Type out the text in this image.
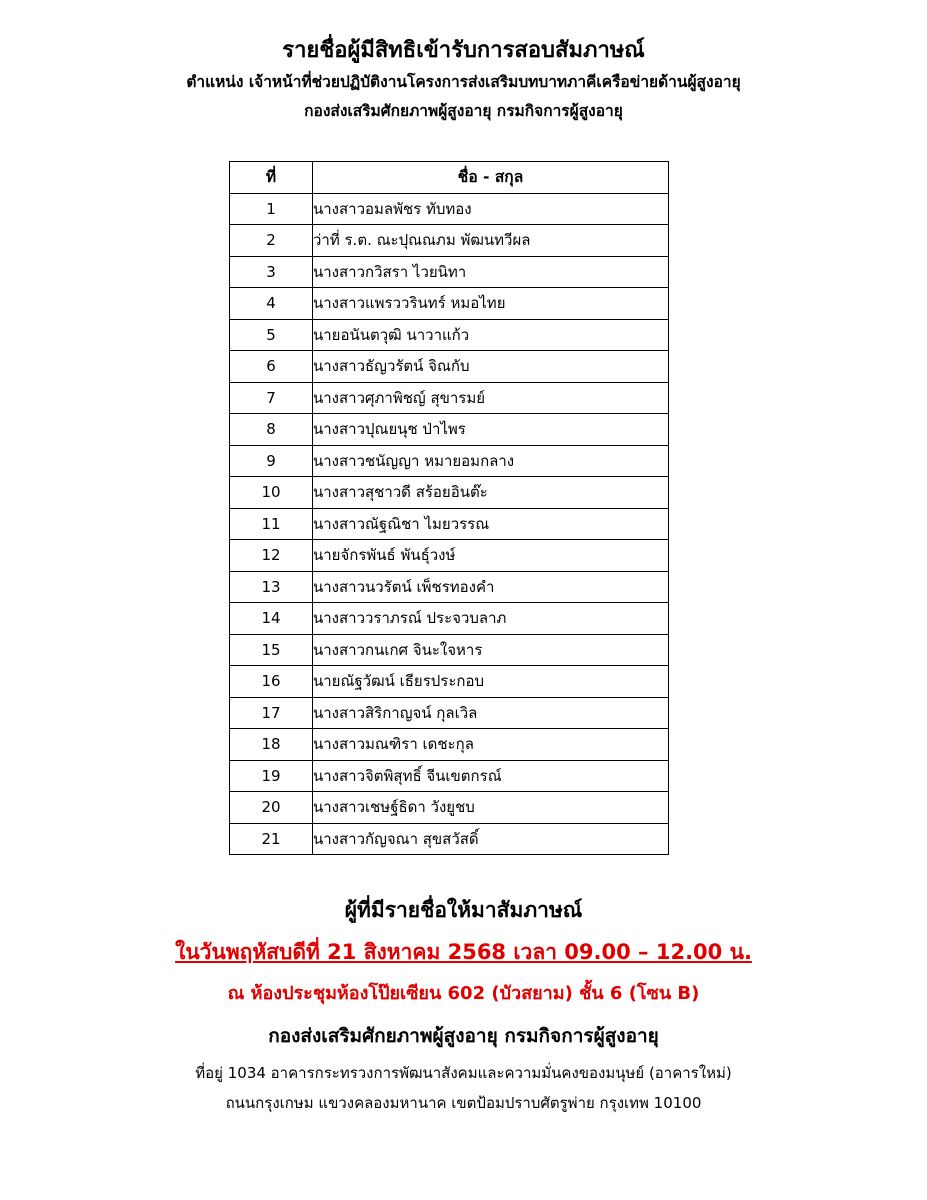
รายชื่อผู้มีสิทธิเข้ารับการสอบสัมภาษณ์

ตำแหน่ง เจ้าหน้าที่ช่วยปฏิบัติงานโครงการส่งเสริมบทบาทภาคีเครือข่ายด้านผู้สูงอายุ

กองส่งเสริมศักยภาพผู้สูงอายุ กรมกิจการผู้สูงอายุ

ที่	ชื่อ - สกุล
1	นางสาวอมลพัชร ทับทอง
2	ว่าที่ ร.ต. ณะปุณณภม พัฒนทวีผล
3	นางสาวกวิสรา ไวยนิทา
4	นางสาวแพรววรินทร์ หมอไทย
5	นายอนันตวุฒิ นาวาแก้ว
6	นางสาวธัญวรัตน์ จิณกับ
7	นางสาวศุภาพิชญ์ สุขารมย์
8	นางสาวปุณยนุช ป่าไพร
9	นางสาวชนัญญา หมายอมกลาง
10	นางสาวสุชาวดี สร้อยอินต๊ะ
11	นางสาวณัฐณิชา ไมยวรรณ
12	นายจักรพันธ์ พันธุ์วงษ์
13	นางสาวนวรัตน์ เพ็ชรทองคำ
14	นางสาววราภรณ์ ประจวบลาภ
15	นางสาวกนเกศ จินะใจหาร
16	นายณัฐวัฒน์ เธียรประกอบ
17	นางสาวสิริกาญจน์ กุลเวิล
18	นางสาวมณฑิรา เดชะกุล
19	นางสาวจิตพิสุทธิ์ จีนเขตกรณ์
20	นางสาวเชษฐ์ธิดา วังยูชบ
21	นางสาวกัญจณา สุขสวัสดิ์

ผู้ที่มีรายชื่อให้มาสัมภาษณ์

ในวันพฤหัสบดีที่ 21 สิงหาคม 2568 เวลา 09.00 – 12.00 น.

ณ ห้องประชุมห้องโป๊ยเซียน 602 (บัวสยาม) ชั้น 6 (โซน B)

กองส่งเสริมศักยภาพผู้สูงอายุ กรมกิจการผู้สูงอายุ

ที่อยู่ 1034 อาคารกระทรวงการพัฒนาสังคมและความมั่นคงของมนุษย์ (อาคารใหม่)

ถนนกรุงเกษม แขวงคลองมหานาค เขตป้อมปราบศัตรูพ่าย กรุงเทพ 10100
